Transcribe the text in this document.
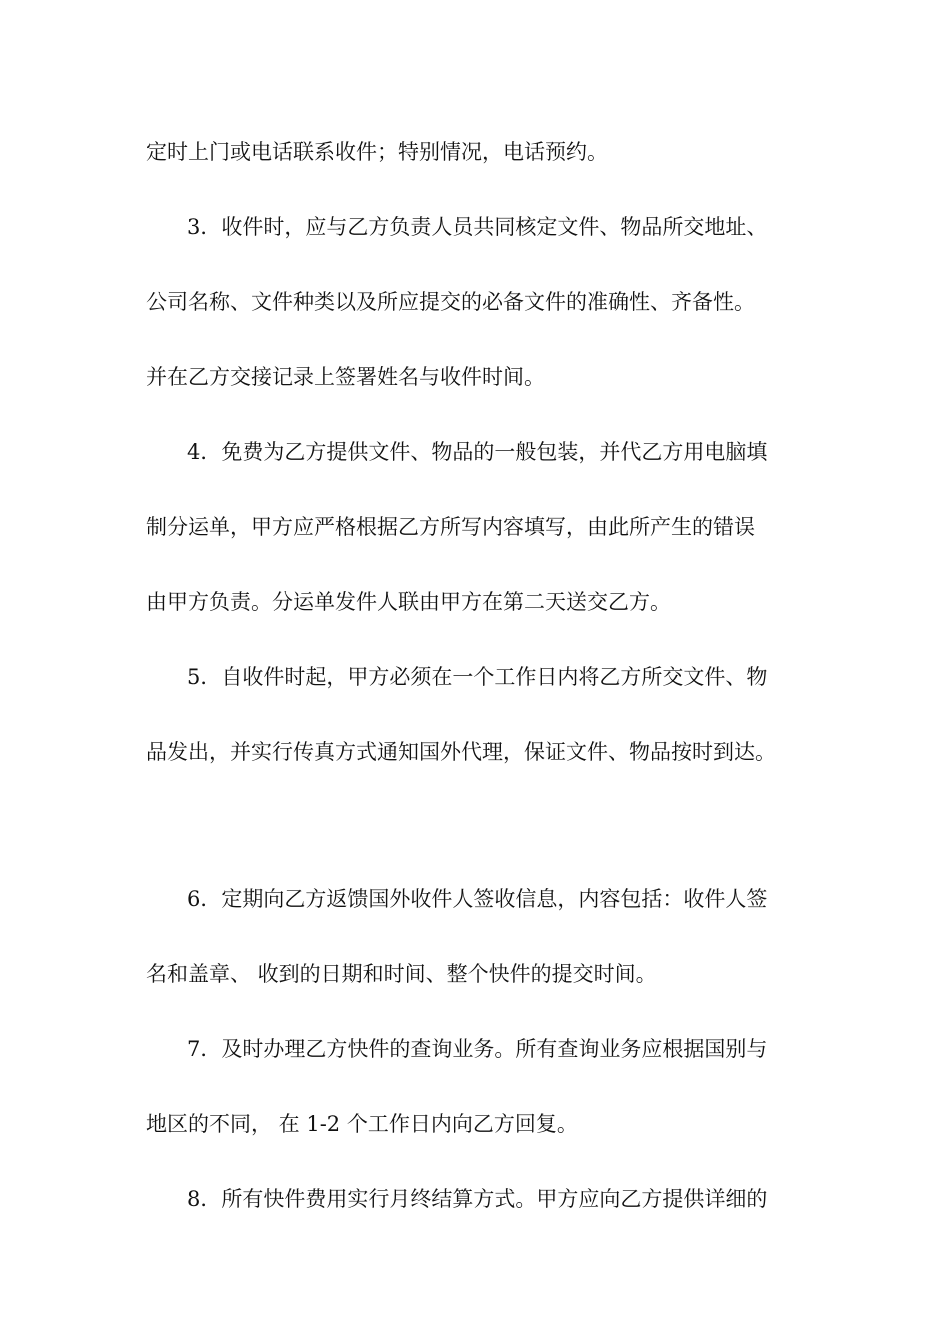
定时上门或电话联系收件；特别情况，电话预约。
3．收件时，应与乙方负责人员共同核定文件、物品所交地址、
公司名称、文件种类以及所应提交的必备文件的准确性、齐备性。
并在乙方交接记录上签署姓名与收件时间。
4．免费为乙方提供文件、物品的一般包装，并代乙方用电脑填
制分运单，甲方应严格根据乙方所写内容填写，由此所产生的错误
由甲方负责。分运单发件人联由甲方在第二天送交乙方。
5．自收件时起，甲方必须在一个工作日内将乙方所交文件、物
品发出，并实行传真方式通知国外代理，保证文件、物品按时到达。
6．定期向乙方返馈国外收件人签收信息，内容包括：收件人签
名和盖章、 收到的日期和时间、整个快件的提交时间。
7．及时办理乙方快件的查询业务。所有查询业务应根据国别与
地区的不同， 在 1-2 个工作日内向乙方回复。
8．所有快件费用实行月终结算方式。甲方应向乙方提供详细的
